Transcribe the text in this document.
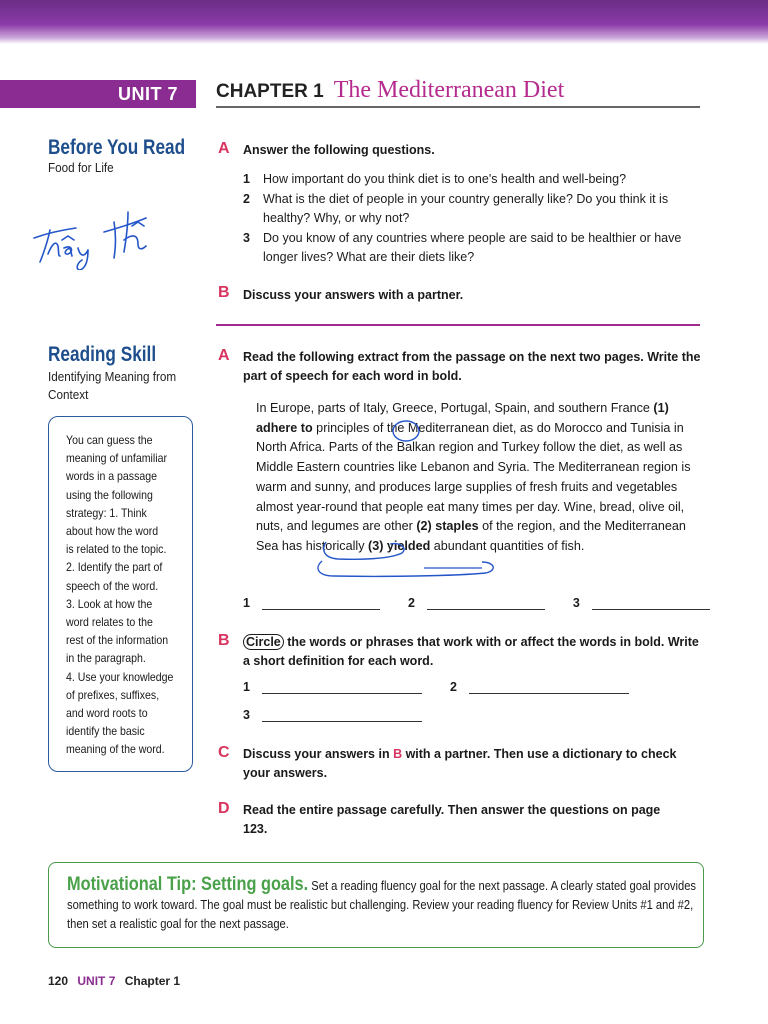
UNIT 7	CHAPTER 1 The Mediterranean Diet
Before You Read
Food for Life
A Answer the following questions.
1	How important do you think diet is to one's health and well-being?
2	What is the diet of people in your country generally like? Do you think it is healthy? Why, or why not?
3	Do you know of any countries where people are said to be healthier or have longer lives? What are their diets like?
B Discuss your answers with a partner.
Reading Skill
Identifying Meaning from Context
You can guess the
meaning of unfamiliar
words in a passage
using the following
strategy: 1. Think
about how the word
is related to the topic.
2. Identify the part of
speech of the word.
3. Look at how the
word relates to the
rest of the information
in the paragraph.
4. Use your knowledge
of prefixes, suffixes,
and word roots to
identify the basic
meaning of the word.
A Read the following extract from the passage on the next two pages. Write the part of speech for each word in bold.
In Europe, parts of Italy, Greece, Portugal, Spain, and southern France (1) adhere to principles of the Mediterranean diet, as do Morocco and Tunisia in North Africa. Parts of the Balkan region and Turkey follow the diet, as well as Middle Eastern countries like Lebanon and Syria. The Mediterranean region is warm and sunny, and produces large supplies of fresh fruits and vegetables almost year-round that people eat many times per day. Wine, bread, olive oil, nuts, and legumes are other (2) staples of the region, and the Mediterranean Sea has historically (3) yielded abundant quantities of fish.
1	2	3
B Circle the words or phrases that work with or affect the words in bold. Write a short definition for each word.
1	2
3
C Discuss your answers in B with a partner. Then use a dictionary to check your answers.
D Read the entire passage carefully. Then answer the questions on page 123.
Motivational Tip: Setting goals. Set a reading fluency goal for the next passage. A clearly stated goal provides something to work toward. The goal must be realistic but challenging. Review your reading fluency for Review Units #1 and #2, then set a realistic goal for the next passage.
120 UNIT 7 Chapter 1
